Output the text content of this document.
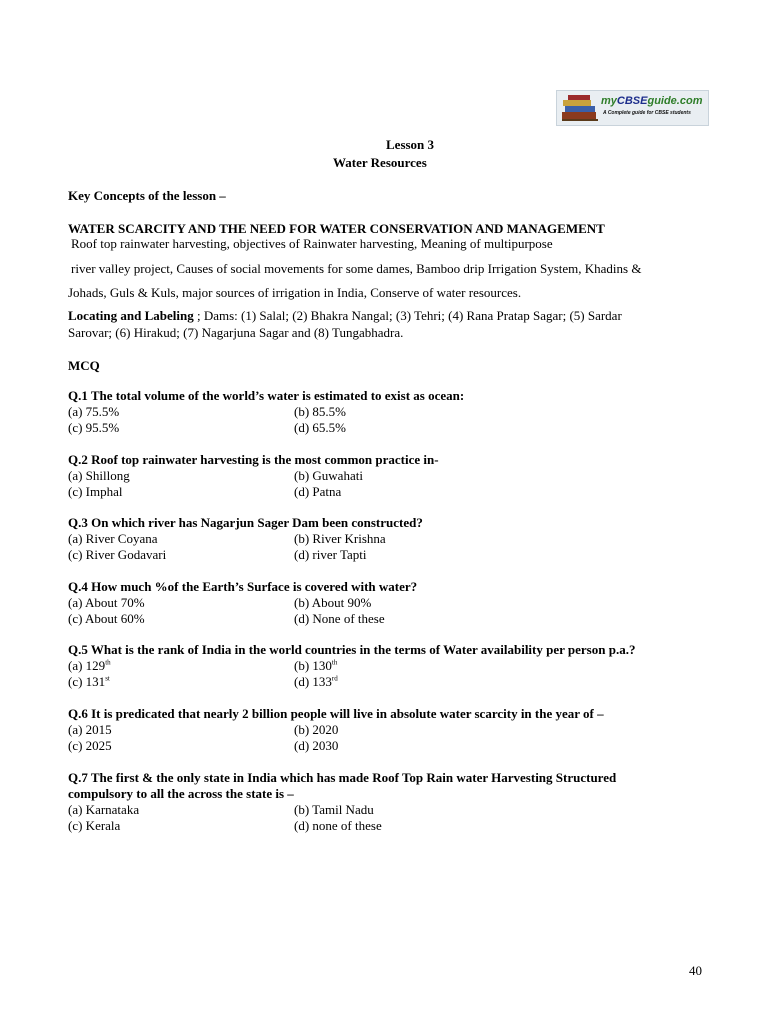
myCBSEguide.com
A Complete guide for CBSE students
Lesson 3
Water Resources
Key Concepts of the lesson –
WATER SCARCITY AND THE NEED FOR WATER CONSERVATION AND MANAGEMENT
Roof top rainwater harvesting, objectives of Rainwater harvesting, Meaning of multipurpose
river valley project, Causes of social movements for some dames, Bamboo drip Irrigation System, Khadins &
Johads, Guls & Kuls, major sources of irrigation in India, Conserve of water resources.
Locating and Labeling ; Dams: (1) Salal; (2) Bhakra Nangal; (3) Tehri; (4) Rana Pratap Sagar; (5) Sardar
Sarovar; (6) Hirakud; (7) Nagarjuna Sagar and (8) Tungabhadra.
MCQ
Q.1 The total volume of the world’s water is estimated to exist as ocean:
(a) 75.5%	(b) 85.5%
(c) 95.5%	(d) 65.5%
Q.2 Roof top rainwater harvesting is the most common practice in-
(a) Shillong	(b) Guwahati
(c) Imphal	(d) Patna
Q.3 On which river has Nagarjun Sager Dam been constructed?
(a) River Coyana	(b) River Krishna
(c) River Godavari	(d) river Tapti
Q.4 How much %of the Earth’s Surface is covered with water?
(a) About 70%	(b) About 90%
(c) About 60%	(d) None of these
Q.5 What is the rank of India in the world countries in the terms of Water availability per person p.a.?
(a) 129th	(b) 130th
(c) 131st	(d) 133rd
Q.6 It is predicated that nearly 2 billion people will live in absolute water scarcity in the year of –
(a) 2015	(b) 2020
(c) 2025	(d) 2030
Q.7 The first & the only state in India which has made Roof Top Rain water Harvesting Structured
compulsory to all the across the state is –
(a) Karnataka	(b) Tamil Nadu
(c) Kerala	(d) none of these
40
